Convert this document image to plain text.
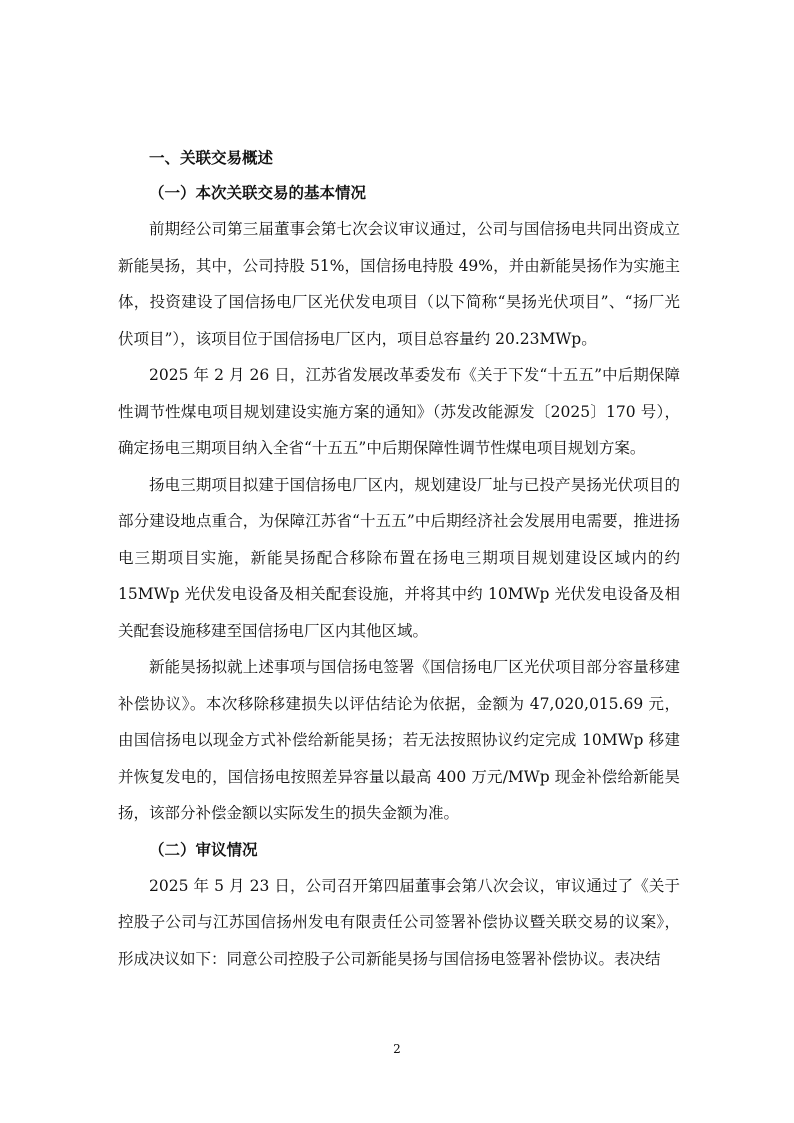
一、关联交易概述
（一）本次关联交易的基本情况

前期经公司第三届董事会第七次会议审议通过，公司与国信扬电共同出资成立新能昊扬，其中，公司持股 51%，国信扬电持股 49%，并由新能昊扬作为实施主体，投资建设了国信扬电厂区光伏发电项目（以下简称“昊扬光伏项目”、“扬厂光伏项目”），该项目位于国信扬电厂区内，项目总容量约 20.23MWp。

2025 年 2 月 26 日，江苏省发展改革委发布《关于下发“十五五”中后期保障性调节性煤电项目规划建设实施方案的通知》（苏发改能源发〔2025〕170 号），确定扬电三期项目纳入全省“十五五”中后期保障性调节性煤电项目规划方案。

扬电三期项目拟建于国信扬电厂区内，规划建设厂址与已投产昊扬光伏项目的部分建设地点重合，为保障江苏省“十五五”中后期经济社会发展用电需要，推进扬电三期项目实施，新能昊扬配合移除布置在扬电三期项目规划建设区域内的约 15MWp 光伏发电设备及相关配套设施，并将其中约 10MWp 光伏发电设备及相关配套设施移建至国信扬电厂区内其他区域。

新能昊扬拟就上述事项与国信扬电签署《国信扬电厂区光伏项目部分容量移建补偿协议》。本次移除移建损失以评估结论为依据，金额为 47,020,015.69 元，由国信扬电以现金方式补偿给新能昊扬；若无法按照协议约定完成 10MWp 移建并恢复发电的，国信扬电按照差异容量以最高 400 万元/MWp 现金补偿给新能昊扬，该部分补偿金额以实际发生的损失金额为准。

（二）审议情况

2025 年 5 月 23 日，公司召开第四届董事会第八次会议，审议通过了《关于控股子公司与江苏国信扬州发电有限责任公司签署补偿协议暨关联交易的议案》，形成决议如下：同意公司控股子公司新能昊扬与国信扬电签署补偿协议。表决结

2
